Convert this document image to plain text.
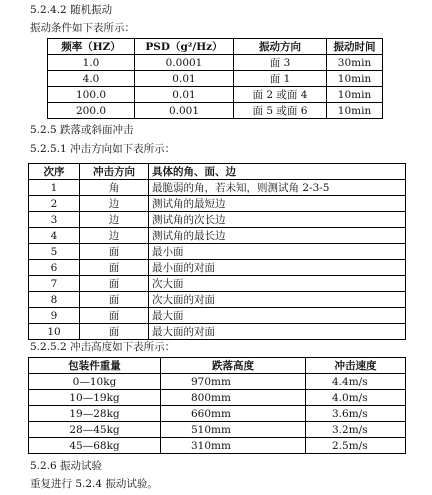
5.2.4.2 随机振动
振动条件如下表所示：
频率（HZ）	PSD（g²/Hz）	振动方向	振动时间
1.0	0.0001	面 3	30min
4.0	0.01	面 1	10min
100.0	0.01	面 2 或面 4	10min
200.0	0.001	面 5 或面 6	10min
5.2.5 跌落或斜面冲击
5.2.5.1 冲击方向如下表所示：
次序	冲击方向	具体的角、面、边
1	角	最脆弱的角，若未知，则测试角 2-3-5
2	边	测试角的最短边
3	边	测试角的次长边
4	边	测试角的最长边
5	面	最小面
6	面	最小面的对面
7	面	次大面
8	面	次大面的对面
9	面	最大面
10	面	最大面的对面
5.2.5.2 冲击高度如下表所示：
包装件重量	跌落高度	冲击速度
0—10kg	970mm	4.4m/s
10—19kg	800mm	4.0m/s
19—28kg	660mm	3.6m/s
28—45kg	510mm	3.2m/s
45—68kg	310mm	2.5m/s
5.2.6 振动试验
重复进行 5.2.4 振动试验。
